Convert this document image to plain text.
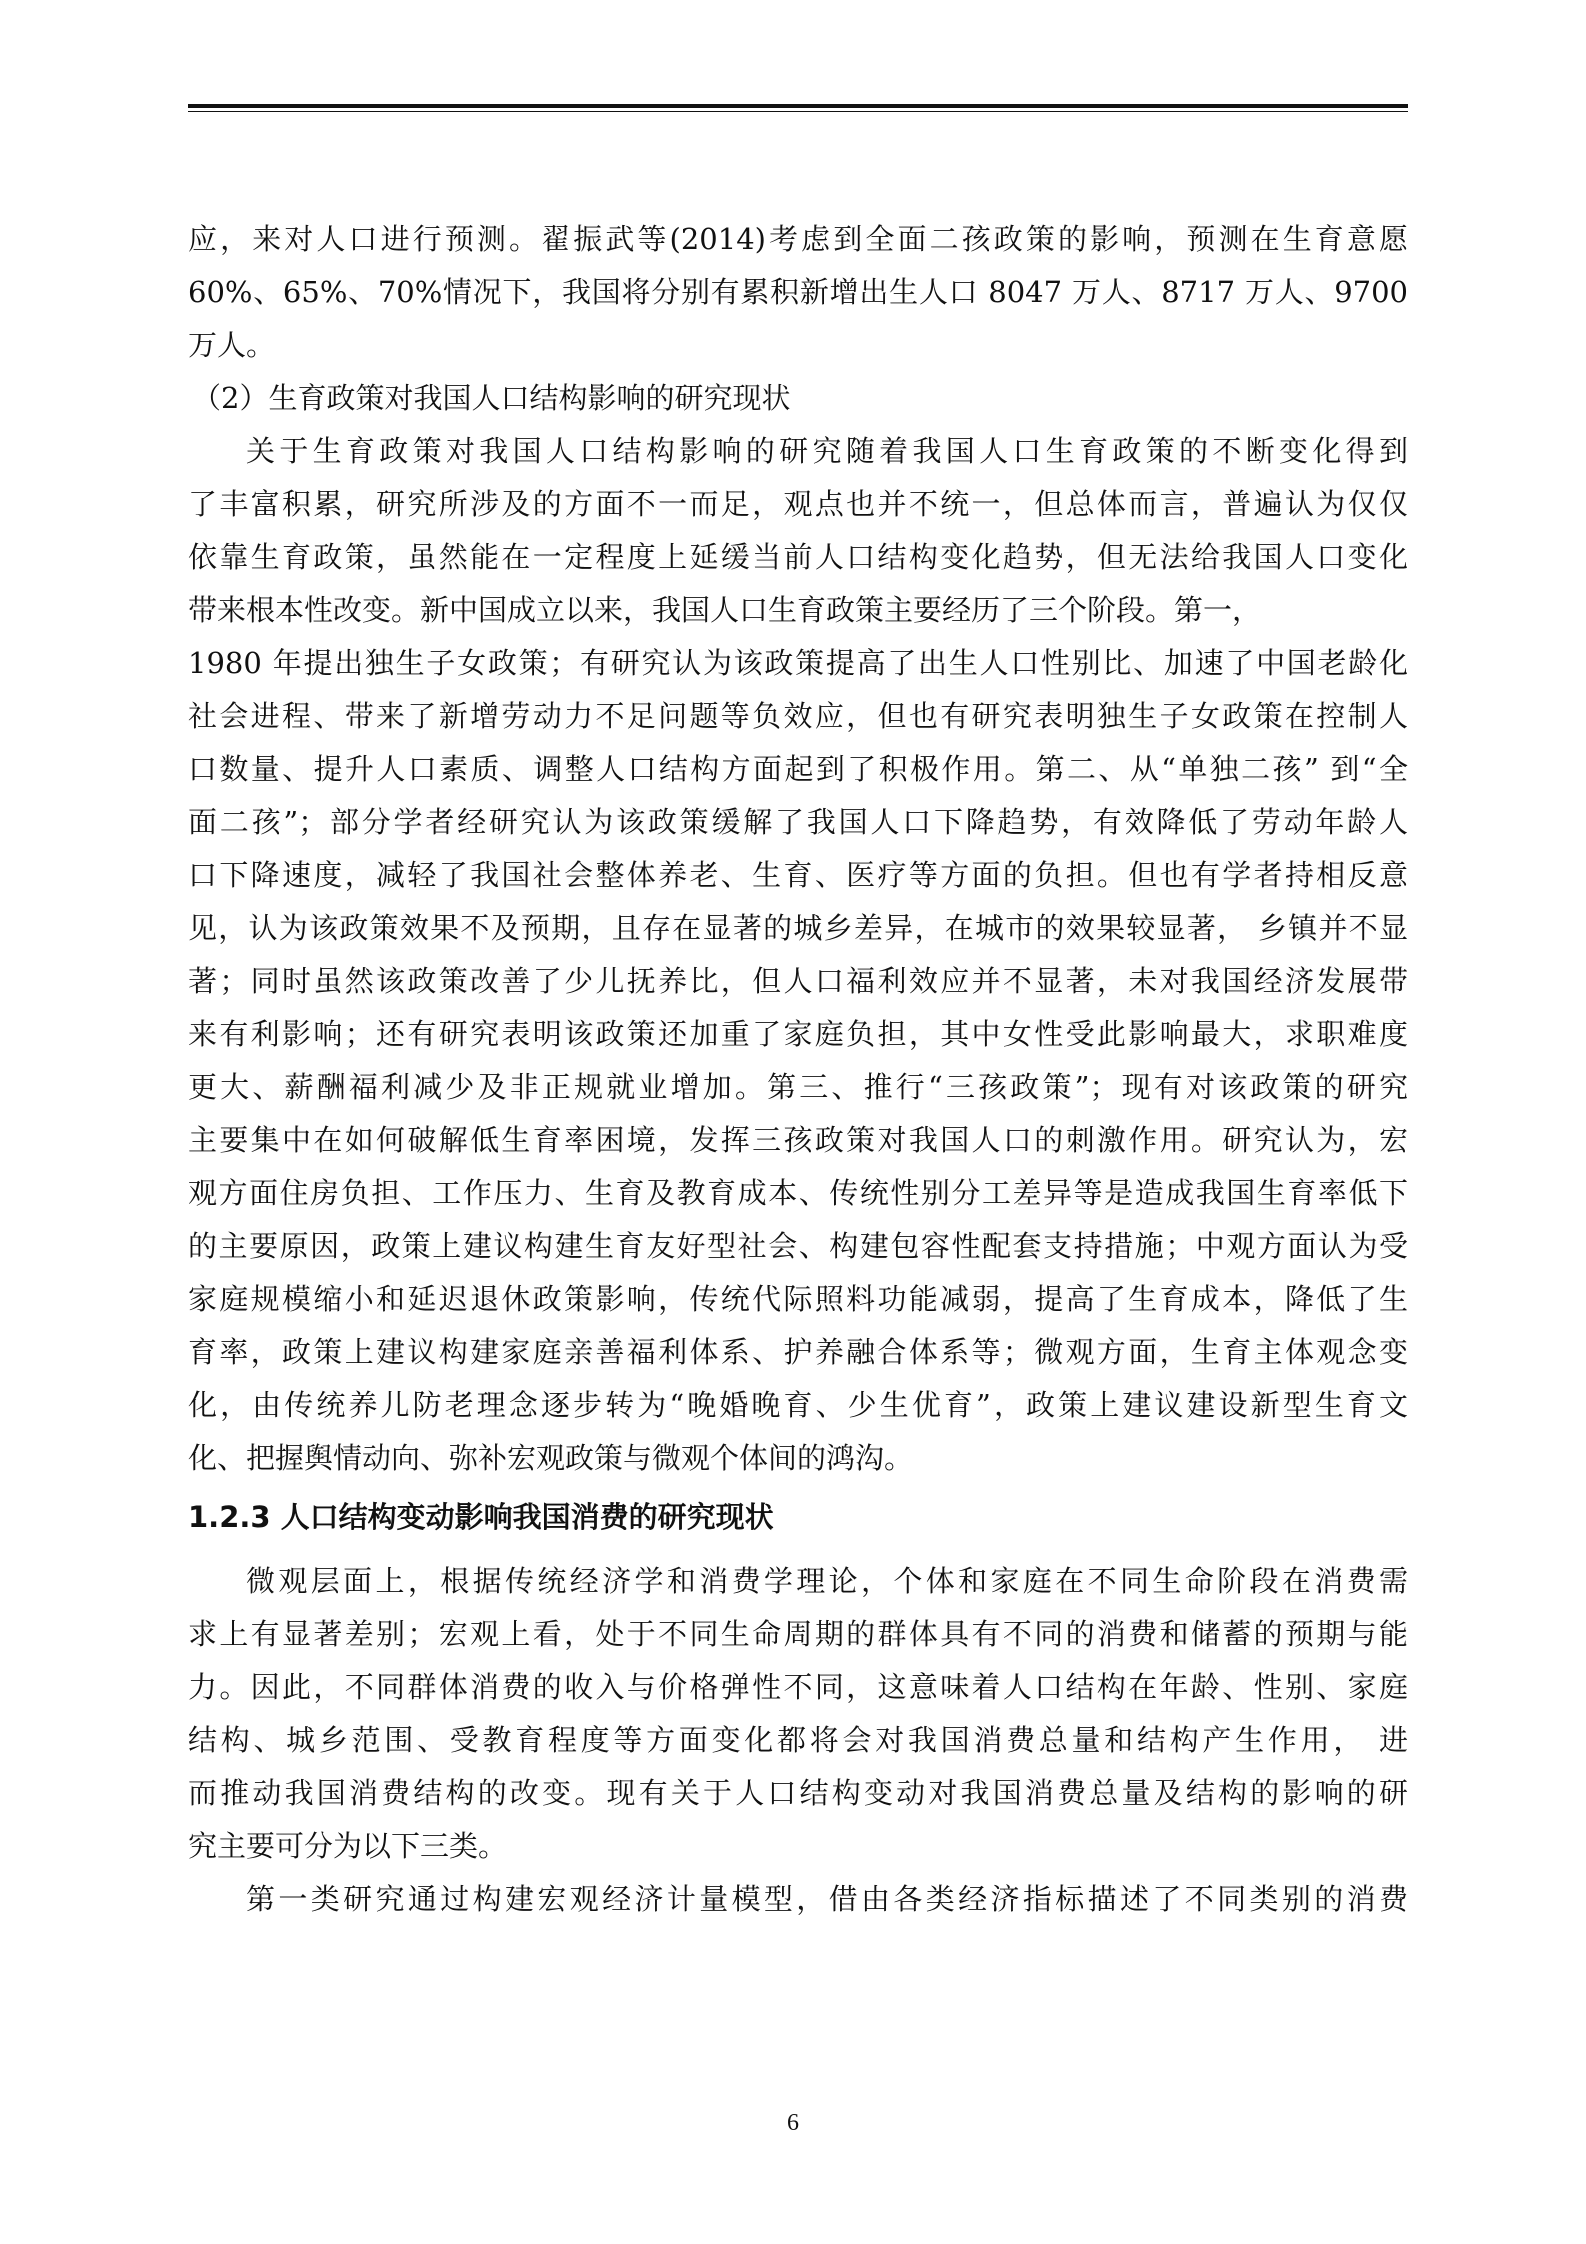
应，来对人口进行预测。翟振武等(2014)考虑到全面二孩政策的影响，预测在生育意愿
60%、65%、70%情况下，我国将分别有累积新增出生人口 8047 万人、8717 万人、9700
万人。
（2）生育政策对我国人口结构影响的研究现状
关于生育政策对我国人口结构影响的研究随着我国人口生育政策的不断变化得到
了丰富积累，研究所涉及的方面不一而足，观点也并不统一，但总体而言，普遍认为仅仅
依靠生育政策，虽然能在一定程度上延缓当前人口结构变化趋势，但无法给我国人口变化
带来根本性改变。新中国成立以来，我国人口生育政策主要经历了三个阶段。第一，
1980 年提出独生子女政策；有研究认为该政策提高了出生人口性别比、加速了中国老龄化
社会进程、带来了新增劳动力不足问题等负效应，但也有研究表明独生子女政策在控制人
口数量、提升人口素质、调整人口结构方面起到了积极作用。第二、从“单独二孩” 到“全
面二孩”；部分学者经研究认为该政策缓解了我国人口下降趋势，有效降低了劳动年龄人
口下降速度，减轻了我国社会整体养老、生育、医疗等方面的负担。但也有学者持相反意
见，认为该政策效果不及预期，且存在显著的城乡差异，在城市的效果较显著， 乡镇并不显
著；同时虽然该政策改善了少儿抚养比，但人口福利效应并不显著，未对我国经济发展带
来有利影响；还有研究表明该政策还加重了家庭负担，其中女性受此影响最大，求职难度
更大、薪酬福利减少及非正规就业增加。第三、推行“三孩政策”；现有对该政策的研究
主要集中在如何破解低生育率困境，发挥三孩政策对我国人口的刺激作用。研究认为，宏
观方面住房负担、工作压力、生育及教育成本、传统性别分工差异等是造成我国生育率低下
的主要原因，政策上建议构建生育友好型社会、构建包容性配套支持措施；中观方面认为受
家庭规模缩小和延迟退休政策影响，传统代际照料功能减弱，提高了生育成本，降低了生
育率，政策上建议构建家庭亲善福利体系、护养融合体系等；微观方面，生育主体观念变
化，由传统养儿防老理念逐步转为“晚婚晚育、少生优育”，政策上建议建设新型生育文
化、把握舆情动向、弥补宏观政策与微观个体间的鸿沟。
1.2.3 人口结构变动影响我国消费的研究现状
微观层面上，根据传统经济学和消费学理论，个体和家庭在不同生命阶段在消费需
求上有显著差别；宏观上看，处于不同生命周期的群体具有不同的消费和储蓄的预期与能
力。因此，不同群体消费的收入与价格弹性不同，这意味着人口结构在年龄、性别、家庭
结构、城乡范围、受教育程度等方面变化都将会对我国消费总量和结构产生作用， 进
而推动我国消费结构的改变。现有关于人口结构变动对我国消费总量及结构的影响的研
究主要可分为以下三类。
第一类研究通过构建宏观经济计量模型，借由各类经济指标描述了不同类别的消费
6
